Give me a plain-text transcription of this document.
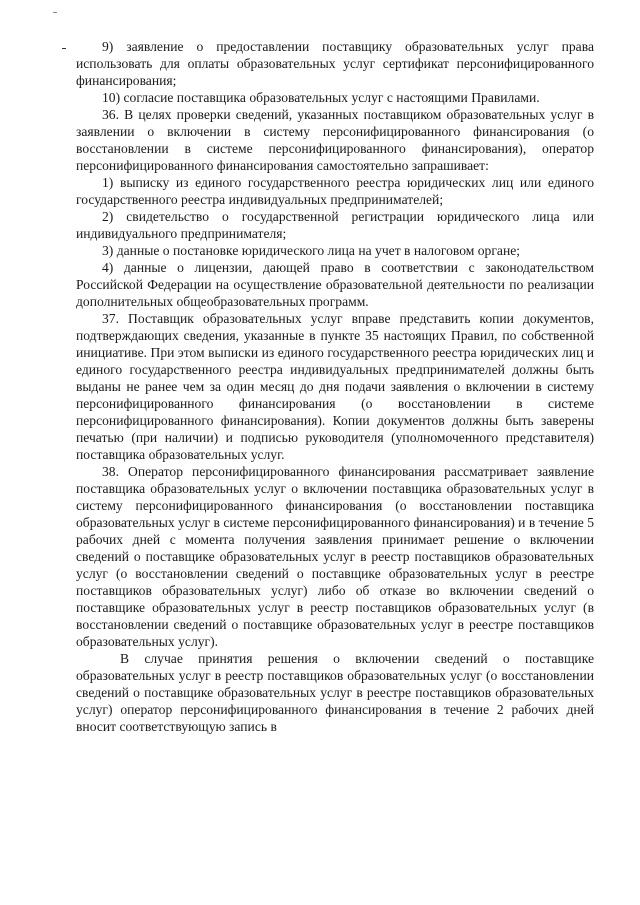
9) заявление о предоставлении поставщику образовательных услуг права использовать для оплаты образовательных услуг сертификат персонифицированного финансирования;

10) согласие поставщика образовательных услуг с настоящими Правилами.

36. В целях проверки сведений, указанных поставщиком образовательных услуг в заявлении о включении в систему персонифицированного финансирования (о восстановлении в системе персонифицированного финансирования), оператор персонифицированного финансирования самостоятельно запрашивает:

1) выписку из единого государственного реестра юридических лиц или единого государственного реестра индивидуальных предпринимателей;

2) свидетельство о государственной регистрации юридического лица или индивидуального предпринимателя;

3) данные о постановке юридического лица на учет в налоговом органе;

4) данные о лицензии, дающей право в соответствии с законодательством Российской Федерации на осуществление образовательной деятельности по реализации дополнительных общеобразовательных программ.

37. Поставщик образовательных услуг вправе представить копии документов, подтверждающих сведения, указанные в пункте 35 настоящих Правил, по собственной инициативе. При этом выписки из единого государственного реестра юридических лиц и единого государственного реестра индивидуальных предпринимателей должны быть выданы не ранее чем за один месяц до дня подачи заявления о включении в систему персонифицированного финансирования (о восстановлении в системе персонифицированного финансирования). Копии документов должны быть заверены печатью (при наличии) и подписью руководителя (уполномоченного представителя) поставщика образовательных услуг.

38. Оператор персонифицированного финансирования рассматривает заявление поставщика образовательных услуг о включении поставщика образовательных услуг в систему персонифицированного финансирования (о восстановлении поставщика образовательных услуг в системе персонифицированного финансирования) и в течение 5 рабочих дней с момента получения заявления принимает решение о включении сведений о поставщике образовательных услуг в реестр поставщиков образовательных услуг (о восстановлении сведений о поставщике образовательных услуг в реестре поставщиков образовательных услуг) либо об отказе во включении сведений о поставщике образовательных услуг в реестр поставщиков образовательных услуг (в восстановлении сведений о поставщике образовательных услуг в реестре поставщиков образовательных услуг).

В случае принятия решения о включении сведений о поставщике образовательных услуг в реестр поставщиков образовательных услуг (о восстановлении сведений о поставщике образовательных услуг в реестре поставщиков образовательных услуг) оператор персонифицированного финансирования в течение 2 рабочих дней вносит соответствующую запись в
